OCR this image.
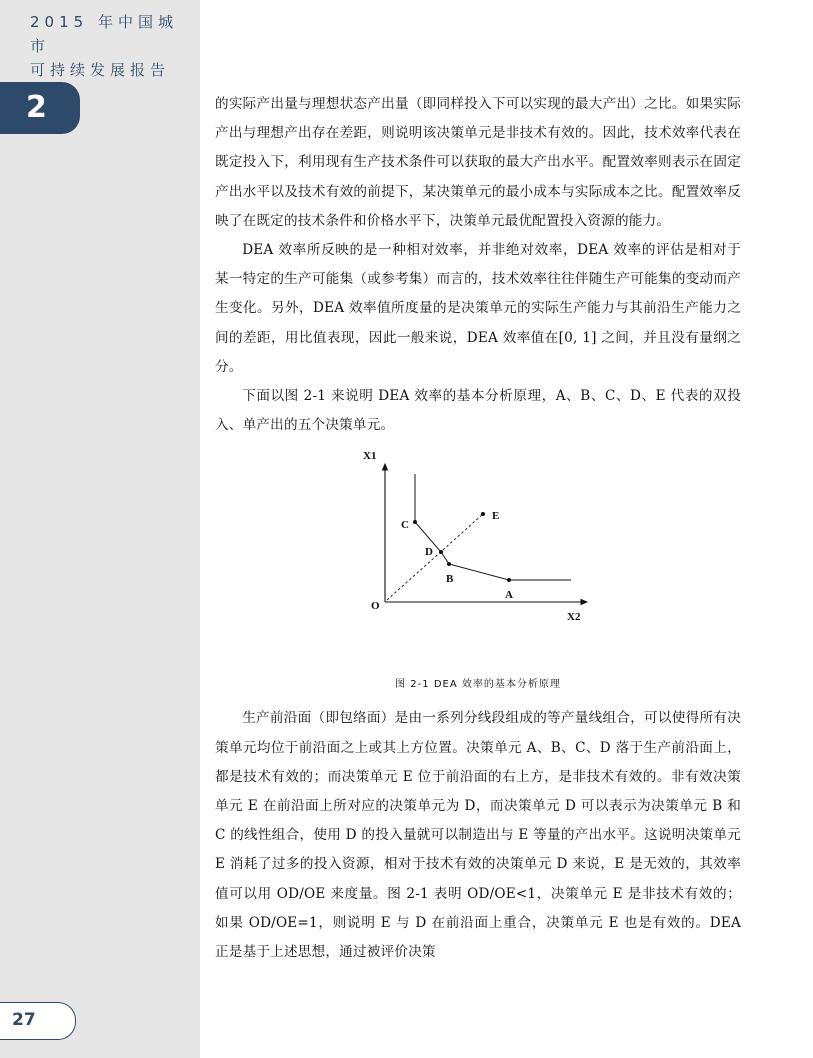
2015 年中国城市
可持续发展报告
2
27

的实际产出量与理想状态产出量（即同样投入下可以实现的最大产出）之比。如果实际产出与理想产出存在差距，则说明该决策单元是非技术有效的。因此，技术效率代表在既定投入下，利用现有生产技术条件可以获取的最大产出水平。配置效率则表示在固定产出水平以及技术有效的前提下，某决策单元的最小成本与实际成本之比。配置效率反映了在既定的技术条件和价格水平下，决策单元最优配置投入资源的能力。

DEA 效率所反映的是一种相对效率，并非绝对效率，DEA 效率的评估是相对于某一特定的生产可能集（或参考集）而言的，技术效率往往伴随生产可能集的变动而产生变化。另外，DEA 效率值所度量的是决策单元的实际生产能力与其前沿生产能力之间的差距，用比值表现，因此一般来说，DEA 效率值在[0, 1] 之间，并且没有量纲之分。

下面以图 2-1 来说明 DEA 效率的基本分析原理，A、B、C、D、E 代表的双投入、单产出的五个决策单元。

X1
X2
O
C
D
B
A
E
图 2-1 DEA 效率的基本分析原理

生产前沿面（即包络面）是由一系列分线段组成的等产量线组合，可以使得所有决策单元均位于前沿面之上或其上方位置。决策单元 A、B、C、D 落于生产前沿面上，都是技术有效的；而决策单元 E 位于前沿面的右上方，是非技术有效的。非有效决策单元 E 在前沿面上所对应的决策单元为 D，而决策单元 D 可以表示为决策单元 B 和 C 的线性组合，使用 D 的投入量就可以制造出与 E 等量的产出水平。这说明决策单元 E 消耗了过多的投入资源，相对于技术有效的决策单元 D 来说，E 是无效的，其效率值可以用 OD/OE 来度量。图 2-1 表明 OD/OE<1，决策单元 E 是非技术有效的；如果 OD/OE=1，则说明 E 与 D 在前沿面上重合，决策单元 E 也是有效的。DEA 正是基于上述思想，通过被评价决策
